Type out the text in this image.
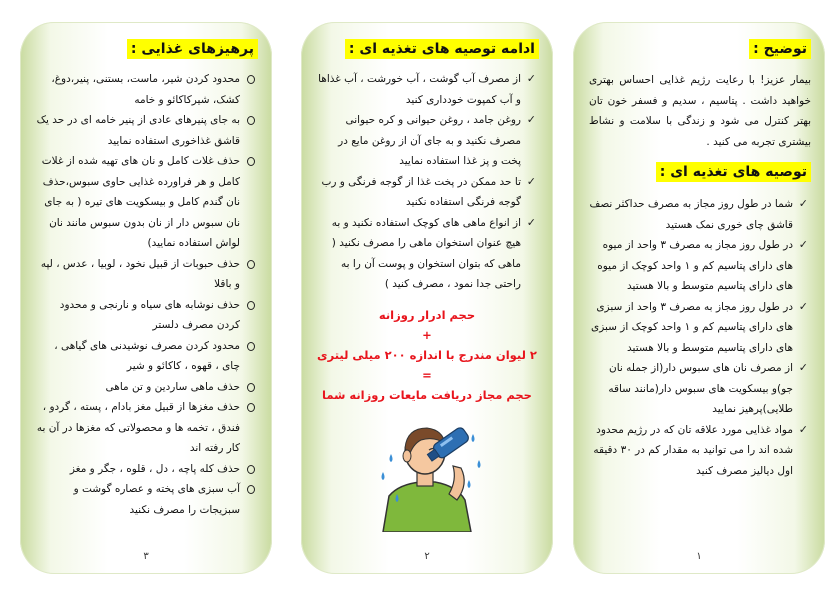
پرهیزهای غذایی :
محدود کردن شیر، ماست، بستنی، پنیر،دوغ، کشک، شیرکاکائو و خامه
به جای پنیرهای عادی از پنیر خامه ای در حد یک قاشق غذاخوری استفاده نمایید
حذف غلات کامل و نان های تهیه شده از غلات کامل و هر فراورده غذایی حاوی سبوس،حذف نان گندم کامل و بیسکویت های تیره ( به جای نان سبوس دار از نان بدون سبوس مانند نان لواش استفاده نمایید)
حذف حبوبات از قبیل نخود ، لوبیا ، عدس ، لپه و باقلا
حذف نوشابه های سیاه و نارنجی و محدود کردن مصرف دلستر
محدود کردن مصرف نوشیدنی های گیاهی ، چای ، قهوه ، کاکائو و شیر
حذف ماهی ساردین و تن ماهی
حذف مغزها از قبیل مغز بادام ، پسته ، گردو ، فندق ، تخمه ها و محصولاتی که مغزها در آن به کار رفته اند
حذف کله پاچه ، دل ، قلوه ، جگر و مغز
آب سبزی های پخته و عصاره گوشت و سبزیجات را مصرف نکنید
۳
ادامه توصیه های تغذیه ای :
✓ از مصرف آب گوشت ، آب خورشت ، آب غذاها و آب کمپوت خودداری کنید
✓ روغن جامد ، روغن حیوانی و کره حیوانی مصرف نکنید و به جای آن از روغن مایع در پخت و پز غذا استفاده نمایید
✓ تا حد ممکن در پخت غذا از گوجه فرنگی و رب گوجه فرنگی استفاده نکنید
✓ از انواع ماهی های کوچک استفاده نکنید و به هیچ عنوان استخوان ماهی را مصرف نکنید ( ماهی که بتوان استخوان و پوست آن را به راحتی جدا نمود ، مصرف کنید )
حجم ادرار روزانه
+
۲ لیوان مندرج با اندازه ۲۰۰ میلی لیتری
=
حجم مجاز دریافت مایعات روزانه شما
۲
توضیح :
بیمار عزیز! با رعایت رژیم غذایی احساس بهتری خواهید داشت . پتاسیم ، سدیم و فسفر خون تان بهتر کنترل می شود و زندگی با سلامت و نشاط بیشتری تجربه می کنید .
توصیه های تغذیه ای :
✓ شما در طول روز مجاز به مصرف حداکثر نصف قاشق چای خوری نمک هستید
✓ در طول روز مجاز به مصرف ۳ واحد از میوه های دارای پتاسیم کم و ۱ واحد کوچک از میوه های دارای پتاسیم متوسط و بالا هستید
✓ در طول روز مجاز به مصرف ۳ واحد از سبزی های دارای پتاسیم کم و ۱ واحد کوچک از سبزی های دارای پتاسیم متوسط و بالا هستید
✓ از مصرف نان های سبوس دار(از جمله نان جو)و بیسکویت های سبوس دار(مانند ساقه طلایی)پرهیز نمایید
✓ مواد غذایی مورد علاقه تان که در رژیم محدود شده اند را می توانید به مقدار کم در ۳۰ دقیقه اول دیالیز مصرف کنید
۱
